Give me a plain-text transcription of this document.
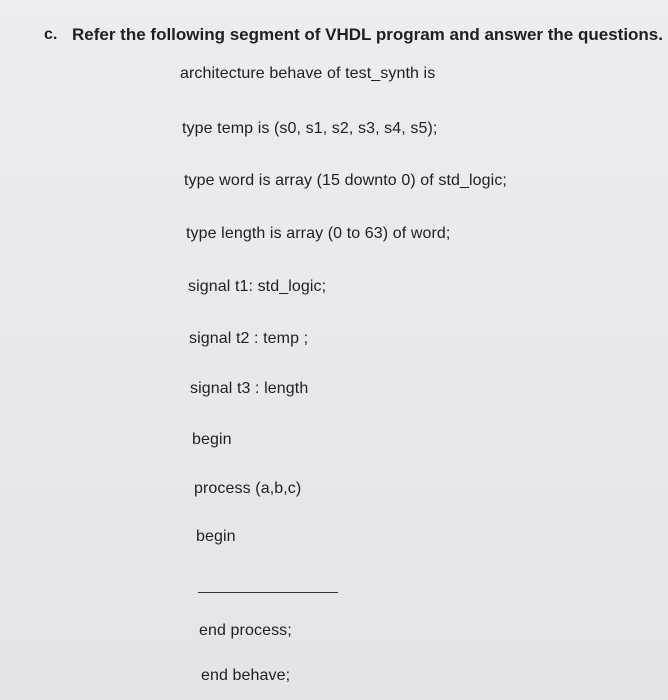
c. Refer the following segment of VHDL program and answer the questions.
architecture behave of test_synth is
type temp is (s0, s1, s2, s3, s4, s5);
type word is array (15 downto 0) of std_logic;
type length is array (0 to 63) of word;
signal t1: std_logic;
signal t2 : temp ;
signal t3 : length
begin
process (a,b,c)
begin
end process;
end behave;
